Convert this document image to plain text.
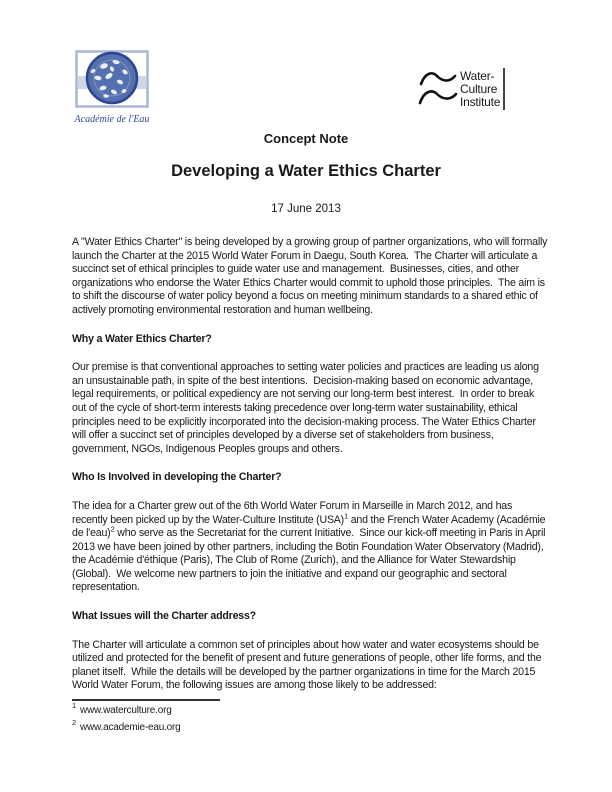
Académie de l'Eau
Water-
Culture
Institute
Concept Note
Developing a Water Ethics Charter
17 June 2013

A "Water Ethics Charter" is being developed by a growing group of partner organizations, who will formally launch the Charter at the 2015 World Water Forum in Daegu, South Korea.  The Charter will articulate a succinct set of ethical principles to guide water use and management.  Businesses, cities, and other organizations who endorse the Water Ethics Charter would commit to uphold those principles.  The aim is to shift the discourse of water policy beyond a focus on meeting minimum standards to a shared ethic of actively promoting environmental restoration and human wellbeing.

Why a Water Ethics Charter?

Our premise is that conventional approaches to setting water policies and practices are leading us along an unsustainable path, in spite of the best intentions.  Decision-making based on economic advantage, legal requirements, or political expediency are not serving our long-term best interest.  In order to break out of the cycle of short-term interests taking precedence over long-term water sustainability, ethical principles need to be explicitly incorporated into the decision-making process. The Water Ethics Charter will offer a succinct set of principles developed by a diverse set of stakeholders from business, government, NGOs, Indigenous Peoples groups and others.

Who Is Involved in developing the Charter?

The idea for a Charter grew out of the 6th World Water Forum in Marseille in March 2012, and has recently been picked up by the Water-Culture Institute (USA)$^1$ and the French Water Academy (Académie de l'eau)$^2$ who serve as the Secretariat for the current Initiative.  Since our kick-off meeting in Paris in April 2013 we have been joined by other partners, including the Botin Foundation Water Observatory (Madrid), the Académie d'éthique (Paris), The Club of Rome (Zurich), and the Alliance for Water Stewardship (Global).  We welcome new partners to join the initiative and expand our geographic and sectoral representation.

What Issues will the Charter address?

The Charter will articulate a common set of principles about how water and water ecosystems should be utilized and protected for the benefit of present and future generations of people, other life forms, and the planet itself.  While the details will be developed by the partner organizations in time for the March 2015 World Water Forum, the following issues are among those likely to be addressed:

$^1$ www.waterculture.org
$^2$ www.academie-eau.org
